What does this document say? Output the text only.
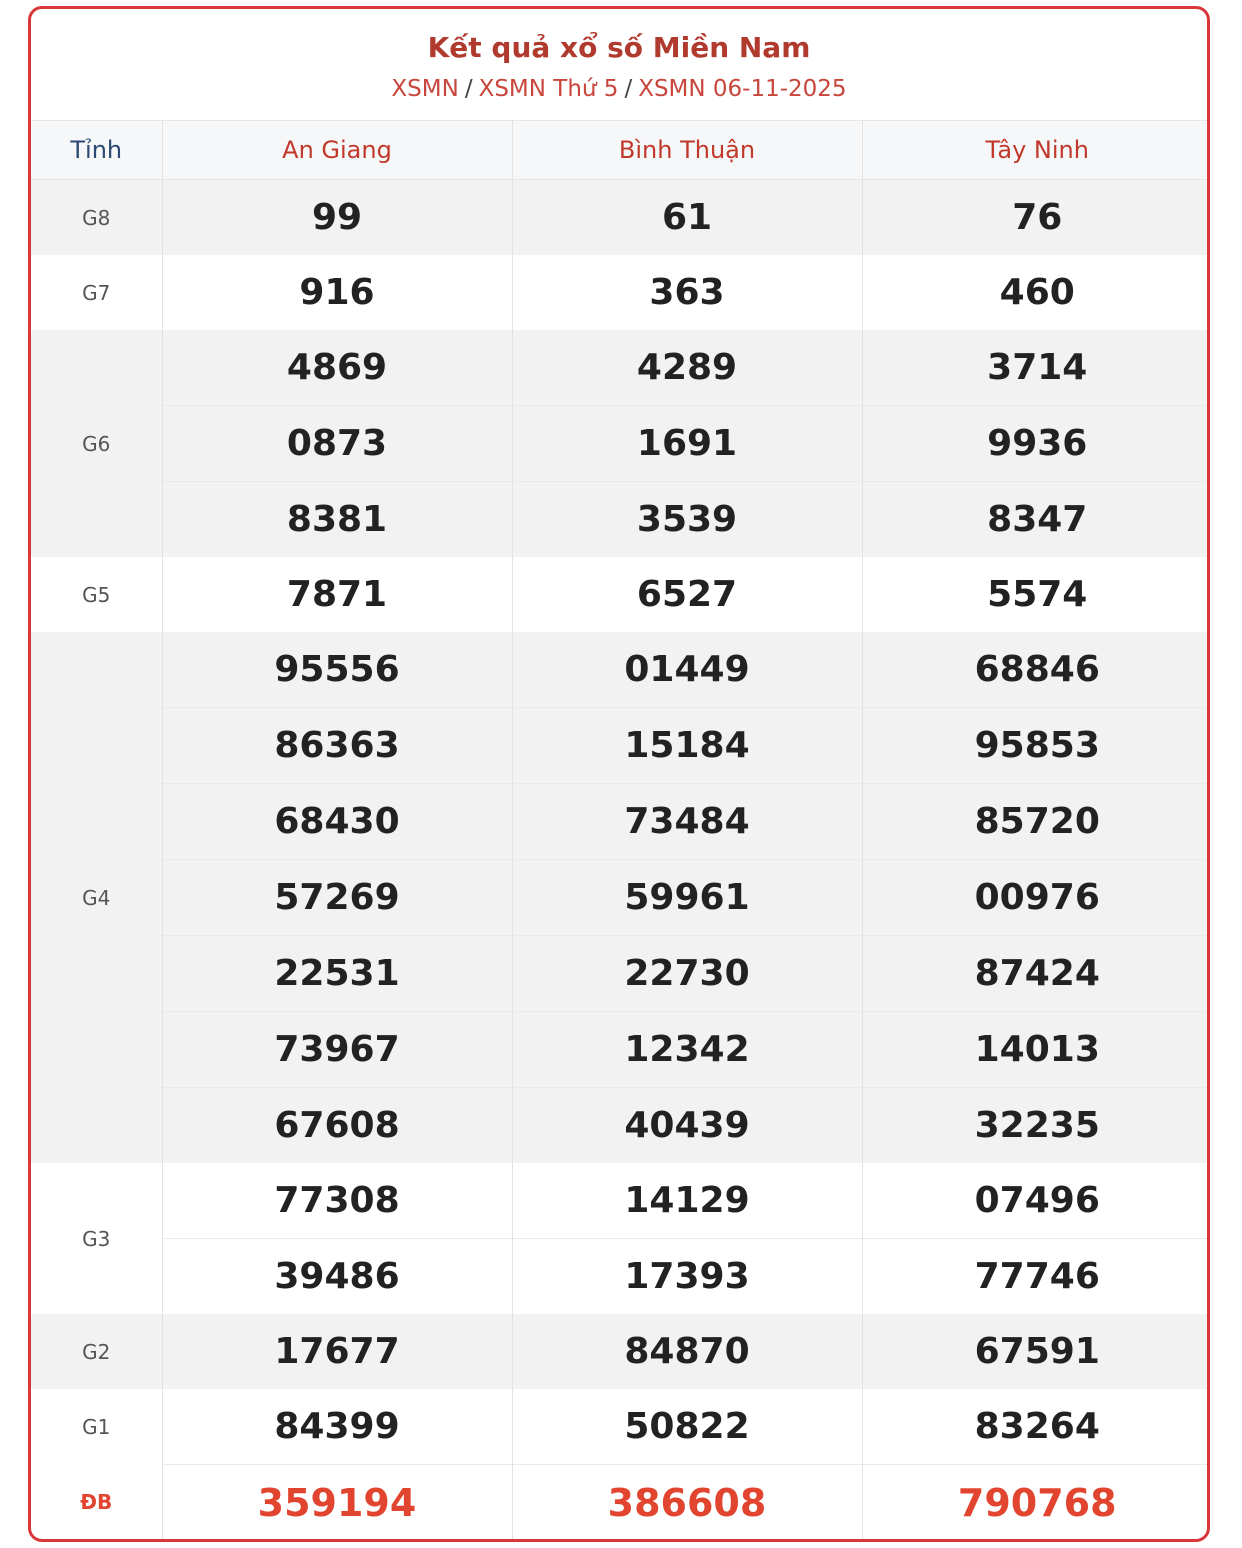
Kết quả xổ số Miền Nam
XSMN / XSMN Thứ 5 / XSMN 06-11-2025
Tỉnh	An Giang	Bình Thuận	Tây Ninh
G8	99	61	76
G7	916	363	460
G6	4869	4289	3714
	0873	1691	9936
	8381	3539	8347
G5	7871	6527	5574
G4	95556	01449	68846
	86363	15184	95853
	68430	73484	85720
	57269	59961	00976
	22531	22730	87424
	73967	12342	14013
	67608	40439	32235
G3	77308	14129	07496
	39486	17393	77746
G2	17677	84870	67591
G1	84399	50822	83264
ĐB	359194	386608	790768
